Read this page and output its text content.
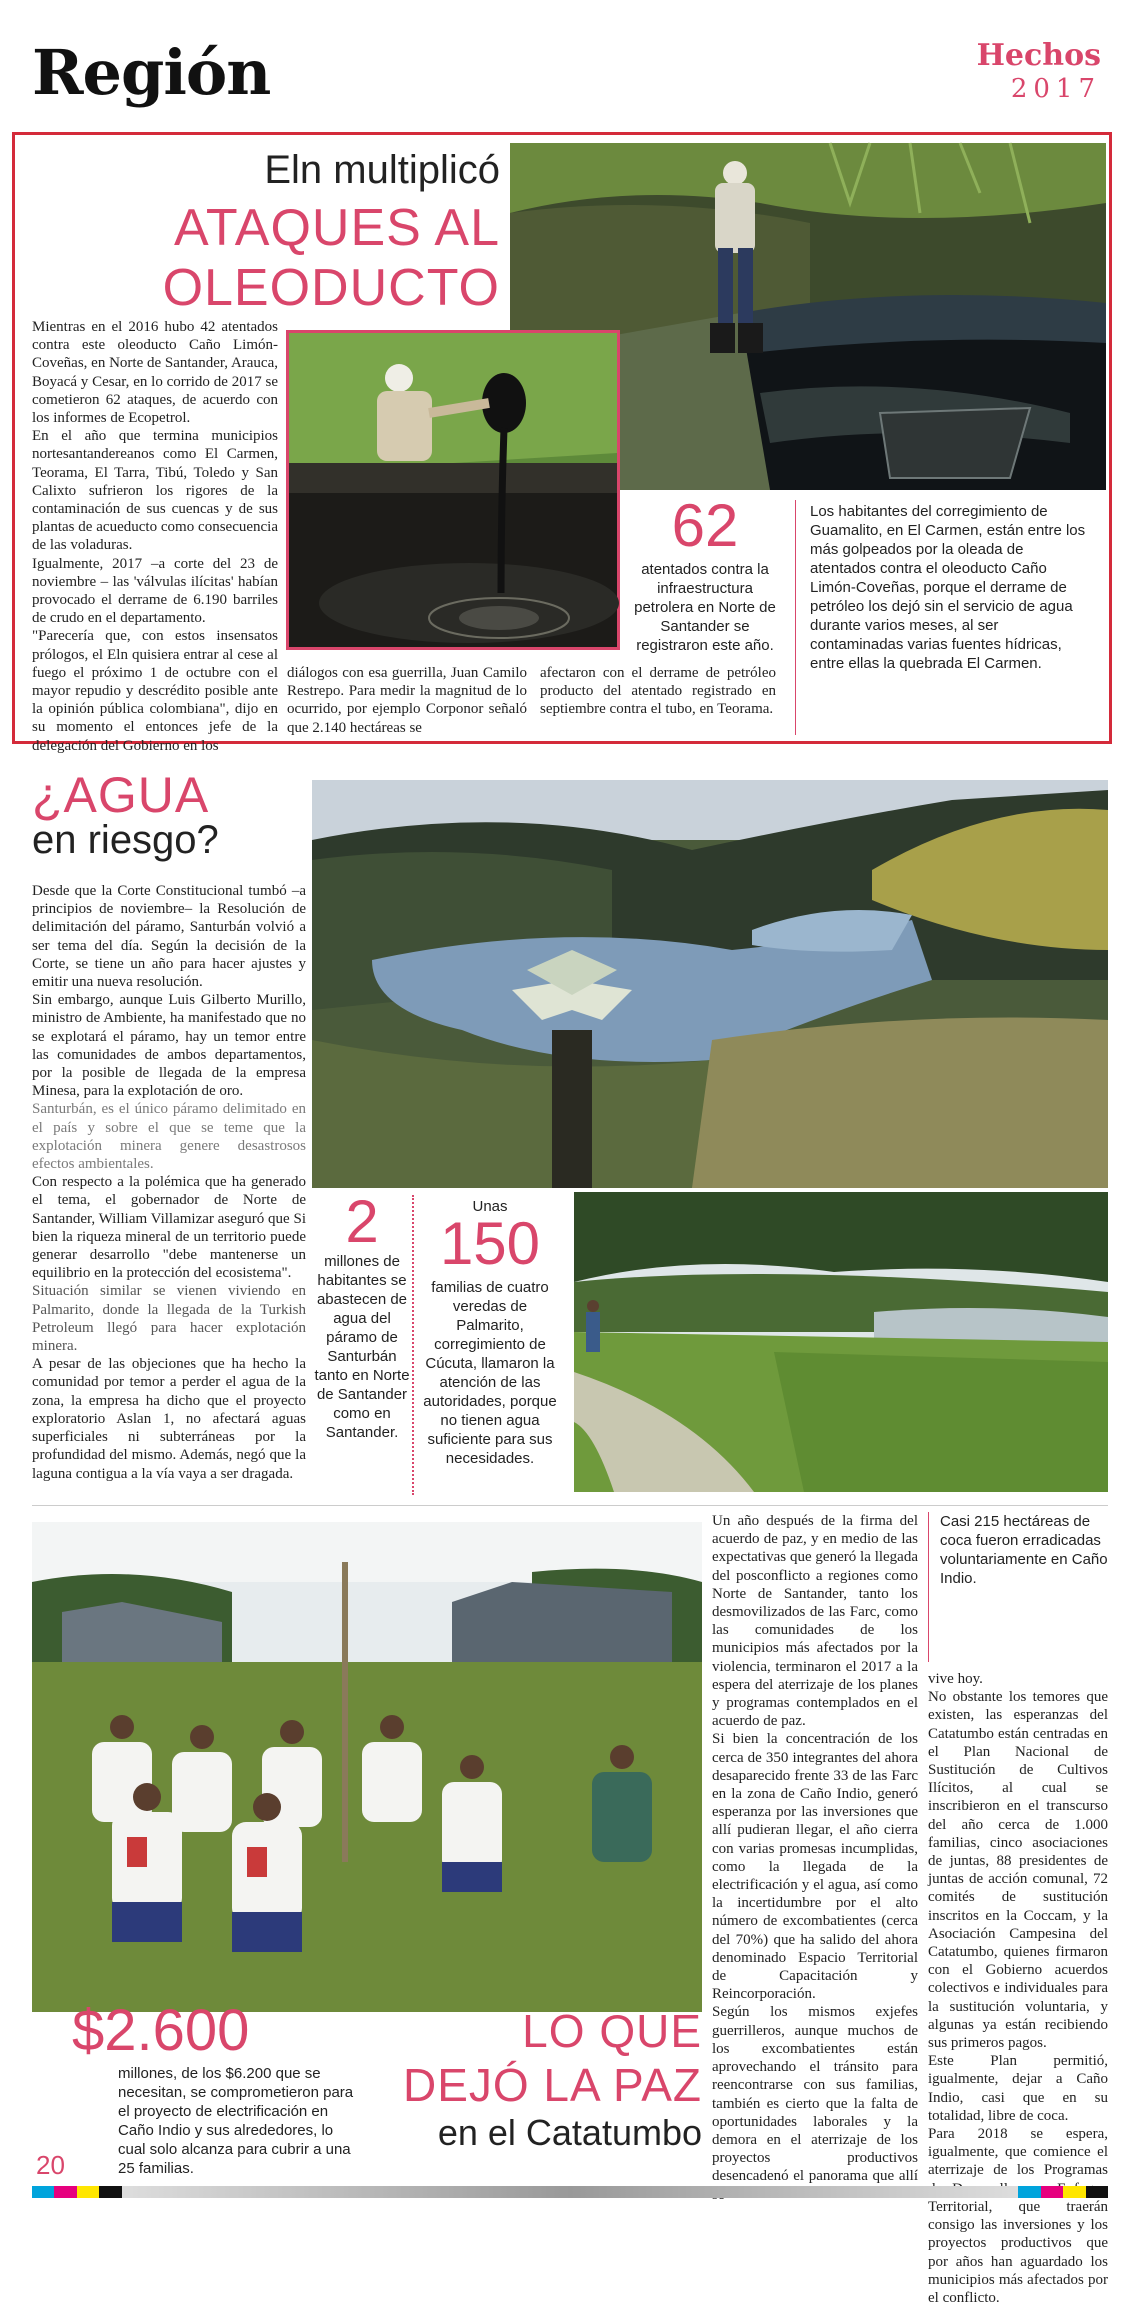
Región	Hechos
2017
Eln multiplicó
ATAQUES AL
OLEODUCTO

Mientras en el 2016 hubo 42 atentados contra este oleoducto Caño Limón-Coveñas, en Norte de Santander, Arauca, Boyacá y Cesar, en lo corrido de 2017 se cometieron 62 ataques, de acuerdo con los informes de Ecopetrol.

En el año que termina municipios nortesantandereanos como El Carmen, Teorama, El Tarra, Tibú, Toledo y San Calixto sufrieron los rigores de la contaminación de sus cuencas y de sus plantas de acueducto como consecuencia de las voladuras.

Igualmente, 2017 –a corte del 23 de noviembre – las 'válvulas ilícitas' habían provocado el derrame de 6.190 barriles de crudo en el departamento.

"Parecería que, con estos insensatos prólogos, el Eln quisiera entrar al cese al fuego el próximo 1 de octubre con el mayor repudio y descrédito posible ante la opinión pública colombiana", dijo en su momento el entonces jefe de la delegación del Gobierno en los

diálogos con esa guerrilla, Juan Camilo Restrepo. Para medir la magnitud de lo ocurrido, por ejemplo Corponor señaló que 2.140 hectáreas se
afectaron con el derrame de petróleo producto del atentado registrado en septiembre contra el tubo, en Teorama.
62
atentados contra la infraestructura petrolera en Norte de Santander se registraron este año.
Los habitantes del corregimiento de Guamalito, en El Carmen, están entre los más golpeados por la oleada de atentados contra el oleoducto Caño Limón-Coveñas, porque el derrame de petróleo los dejó sin el servicio de agua durante varios meses, al ser contaminadas varias fuentes hídricas, entre ellas la quebrada El Carmen.
¿AGUA
en riesgo?

Desde que la Corte Constitucional tumbó –a principios de noviembre– la Resolución de delimitación del páramo, Santurbán volvió a ser tema del día. Según la decisión de la Corte, se tiene un año para hacer ajustes y emitir una nueva resolución.

Sin embargo, aunque Luis Gilberto Murillo, ministro de Ambiente, ha manifestado que no se explotará el páramo, hay un temor entre las comunidades de ambos departamentos, por la posible de llegada de la empresa Minesa, para la explotación de oro.

Santurbán, es el único páramo delimitado en el país y sobre el que se teme que la explotación minera genere desastrosos efectos ambientales.

Con respecto a la polémica que ha generado el tema, el gobernador de Norte de Santander, William Villamizar aseguró que Si bien la riqueza mineral de un territorio puede generar desarrollo "debe mantenerse un equilibrio en la protección del ecosistema".

Situación similar se vienen viviendo en Palmarito, donde la llegada de la Turkish Petroleum llegó para hacer explotación minera.

A pesar de las objeciones que ha hecho la comunidad por temor a perder el agua de la zona, la empresa ha dicho que el proyecto exploratorio Aslan 1, no afectará aguas superficiales ni subterráneas por la profundidad del mismo. Además, negó que la laguna contigua a la vía vaya a ser dragada.

2
millones de habitantes se abastecen de agua del páramo de Santurbán tanto en Norte de Santander como en Santander.
Unas
150
familias de cuatro veredas de Palmarito, corregimiento de Cúcuta, llamaron la atención de las autoridades, porque no tienen agua suficiente para sus necesidades.
Casi 215 hectáreas de coca fueron erradicadas voluntariamente en Caño Indio.

Un año después de la firma del acuerdo de paz, y en medio de las expectativas que generó la llegada del posconflicto a regiones como Norte de Santander, tanto los desmovilizados de las Farc, como las comunidades de los municipios más afectados por la violencia, terminaron el 2017 a la espera del aterrizaje de los planes y programas contemplados en el acuerdo de paz.

Si bien la concentración de los cerca de 350 integrantes del ahora desaparecido frente 33 de las Farc en la zona de Caño Indio, generó esperanza por las inversiones que allí pudieran llegar, el año cierra con varias promesas incumplidas, como la llegada de la electrificación y el agua, así como la incertidumbre por el alto número de excombatientes (cerca del 70%) que ha salido del ahora denominado Espacio Territorial de Capacitación y Reincorporación.

Según los mismos exjefes guerrilleros, aunque muchos de los excombatientes están aprovechando el tránsito para reencontrarse con sus familias, también es cierto que la falta de oportunidades laborales y la demora en el aterrizaje de los proyectos productivos desencadenó el panorama que allí

vive hoy.

No obstante los temores que existen, las esperanzas del Catatumbo están centradas en el Plan Nacional de Sustitución de Cultivos Ilícitos, al cual se inscribieron en el transcurso del año cerca de 1.000 familias, cinco asociaciones de juntas, 88 presidentes de juntas de acción comunal, 72 comités de sustitución inscritos en la Coccam, y la Asociación Campesina del Catatumbo, quienes firmaron con el Gobierno acuerdos colectivos e individuales para la sustitución voluntaria, y algunas ya están recibiendo sus primeros pagos.

Este Plan permitió, igualmente, dejar a Caño Indio, casi que en su totalidad, libre de coca.

Para 2018 se espera, igualmente, que comience el aterrizaje de los Programas Territorial, que traerán consigo las inversiones y los proyectos productivos que por años han aguardado los municipios más afectados por el conflicto.

$2.600
millones, de los $6.200 que se necesitan, se comprometieron para el proyecto de electrificación en Caño Indio y sus alrededores, lo cual solo alcanza para cubrir a una 25 familias.
LO QUE
DEJÓ LA PAZ
en el Catatumbo
20
